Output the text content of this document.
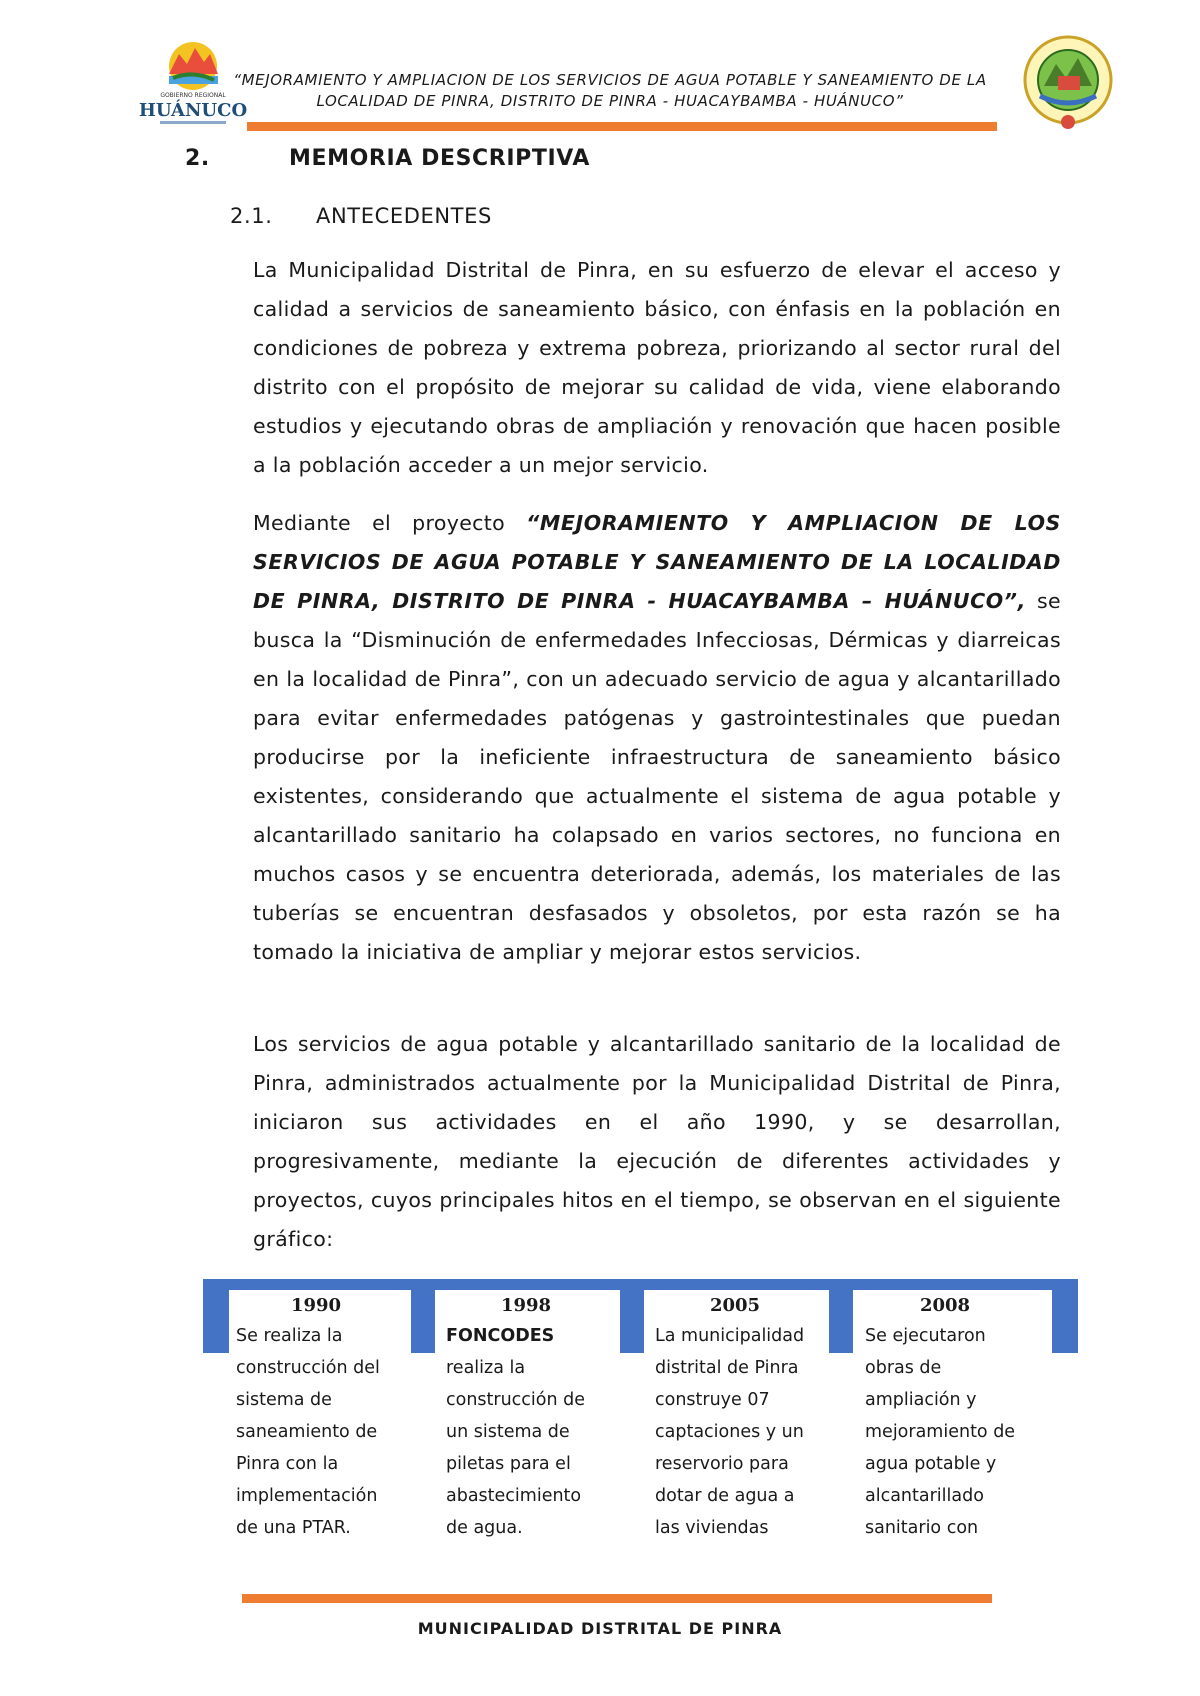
GOBIERNO REGIONAL
HUÁNUCO
“MEJORAMIENTO Y AMPLIACION DE LOS SERVICIOS DE AGUA POTABLE Y SANEAMIENTO DE LA
LOCALIDAD DE PINRA, DISTRITO DE PINRA - HUACAYBAMBA - HUÁNUCO”
2.	MEMORIA DESCRIPTIVA
2.1. ANTECEDENTES
La Municipalidad Distrital de Pinra, en su esfuerzo de elevar el acceso y calidad a servicios de saneamiento básico, con énfasis en la población en condiciones de pobreza y extrema pobreza, priorizando al sector rural del distrito con el propósito de mejorar su calidad de vida, viene elaborando estudios y ejecutando obras de ampliación y renovación que hacen posible a la población acceder a un mejor servicio.
Mediante el proyecto “MEJORAMIENTO Y AMPLIACION DE LOS SERVICIOS DE AGUA POTABLE Y SANEAMIENTO DE LA LOCALIDAD DE PINRA, DISTRITO DE PINRA - HUACAYBAMBA – HUÁNUCO”, se busca la “Disminución de enfermedades Infecciosas, Dérmicas y diarreicas en la localidad de Pinra”, con un adecuado servicio de agua y alcantarillado para evitar enfermedades patógenas y gastrointestinales que puedan producirse por la ineficiente infraestructura de saneamiento básico existentes, considerando que actualmente el sistema de agua potable y alcantarillado sanitario ha colapsado en varios sectores, no funciona en muchos casos y se encuentra deteriorada, además, los materiales de las tuberías se encuentran desfasados y obsoletos, por esta razón se ha tomado la iniciativa de ampliar y mejorar estos servicios.
Los servicios de agua potable y alcantarillado sanitario de la localidad de Pinra, administrados actualmente por la Municipalidad Distrital de Pinra, iniciaron sus actividades en el año 1990, y se desarrollan, progresivamente, mediante la ejecución de diferentes actividades y proyectos, cuyos principales hitos en el tiempo, se observan en el siguiente gráfico:
1990
Se realiza la
construcción del
sistema de
saneamiento de
Pinra con la
implementación
de una PTAR.
1998
FONCODES
realiza la
construcción de
un sistema de
piletas para el
abastecimiento
de agua.
2005
La municipalidad
distrital de Pinra
construye 07
captaciones y un
reservorio para
dotar de agua a
las viviendas
2008
Se ejecutaron
obras de
ampliación y
mejoramiento de
agua potable y
alcantarillado
sanitario con
MUNICIPALIDAD DISTRITAL DE PINRA
